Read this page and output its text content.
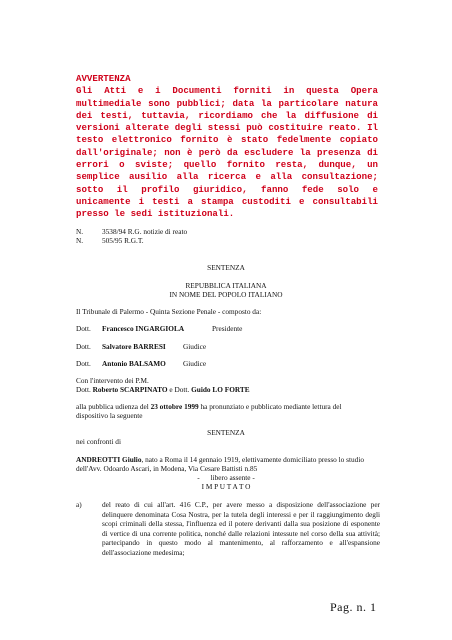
AVVERTENZA
Gli Atti e i Documenti forniti in questa Opera multimediale sono pubblici; data la particolare natura dei testi, tuttavia, ricordiamo che la diffusione di versioni alterate degli stessi può costituire reato. Il testo elettronico fornito è stato fedelmente copiato dall'originale; non è però da escludere la presenza di errori o sviste; quello fornito resta, dunque, un semplice ausilio alla ricerca e alla consultazione; sotto il profilo giuridico, fanno fede solo e unicamente i testi a stampa custoditi e consultabili presso le sedi istituzionali.
N.	3538/94 R.G. notizie di reato
N.	505/95 R.G.T.
SENTENZA
REPUBBLICA ITALIANA
IN NOME DEL POPOLO ITALIANO
Il Tribunale di Palermo - Quinta Sezione Penale - composto da:
Dott. Francesco INGARGIOLA	Presidente
Dott. Salvatore BARRESI Giudice
Dott. Antonio BALSAMO Giudice
Con l'intervento dei P.M.
Dott. Roberto SCARPINATO e Dott. Guido LO FORTE
alla pubblica udienza del 23 ottobre 1999 ha pronunziato e pubblicato mediante lettura del
dispositivo la seguente
SENTENZA
nei confronti di
ANDREOTTI Giulio, nato a Roma il 14 gennaio 1919, elettivamente domiciliato presso lo studio
dell'Avv. Odoardo Ascari, in Modena, Via Cesare Battisti n.85
-      libero assente -
I M P U T A T O
a)	del reato di cui all'art. 416 C.P., per avere messo a disposizione dell'associazione per delinquere denominata Cosa Nostra, per la tutela degli interessi e per il raggiungimento degli scopi criminali della stessa, l'influenza ed il potere derivanti dalla sua posizione di esponente di vertice di una corrente politica, nonché dalle relazioni intessute nel corso della sua attività; partecipando in questo modo al mantenimento, al rafforzamento e all'espansione dell'associazione medesima;
Pag. n. 1
